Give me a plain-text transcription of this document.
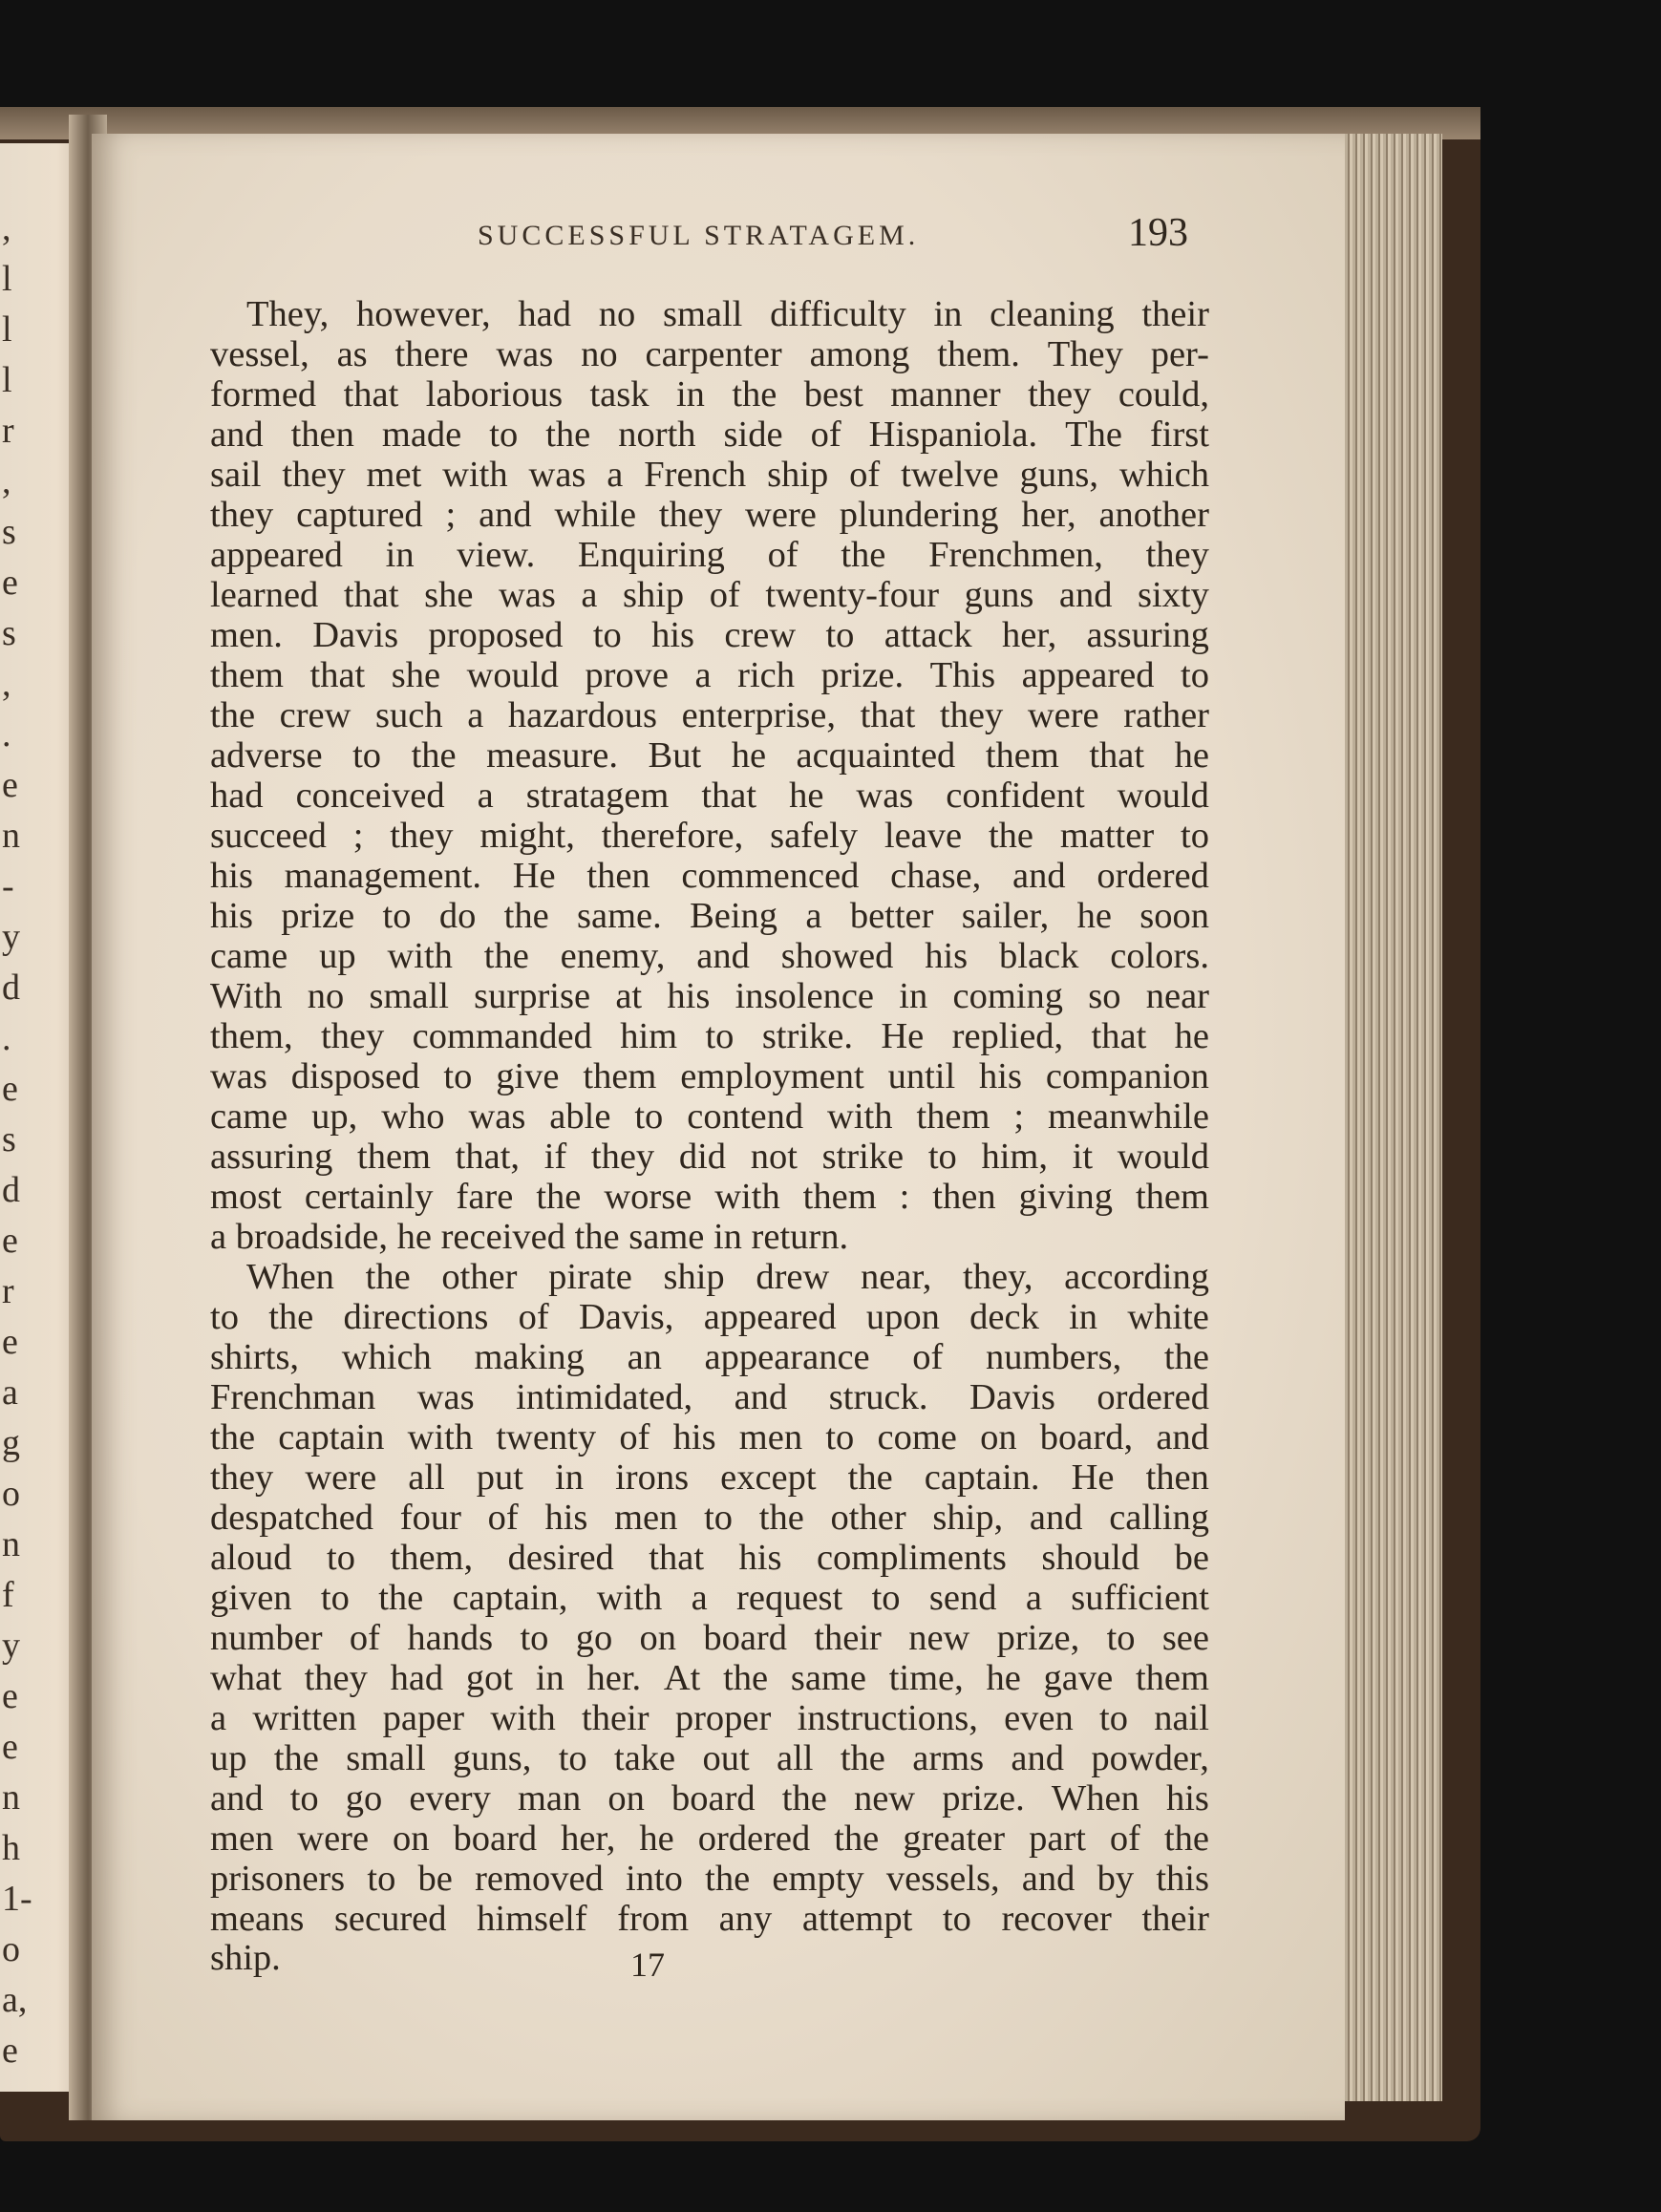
,
l
l
l
r
,
s
e
s
,
.
e
n
-
y
d
.
e
s
d
e
r
e
a
g
o
n
f
y
e
e
n
h
1-
o
a,
e
SUCCESSFUL STRATAGEM.	193
They, however, had no small difficulty in cleaning their
vessel, as there was no carpenter among them. They per-
formed that laborious task in the best manner they could,
and then made to the north side of Hispaniola. The first
sail they met with was a French ship of twelve guns, which
they captured ; and while they were plundering her, another
appeared in view. Enquiring of the Frenchmen, they
learned that she was a ship of twenty-four guns and sixty
men. Davis proposed to his crew to attack her, assuring
them that she would prove a rich prize. This appeared to
the crew such a hazardous enterprise, that they were rather
adverse to the measure. But he acquainted them that he
had conceived a stratagem that he was confident would
succeed ; they might, therefore, safely leave the matter to
his management. He then commenced chase, and ordered
his prize to do the same. Being a better sailer, he soon
came up with the enemy, and showed his black colors.
With no small surprise at his insolence in coming so near
them, they commanded him to strike. He replied, that he
was disposed to give them employment until his companion
came up, who was able to contend with them ; meanwhile
assuring them that, if they did not strike to him, it would
most certainly fare the worse with them : then giving them
a broadside, he received the same in return.
When the other pirate ship drew near, they, according
to the directions of Davis, appeared upon deck in white
shirts, which making an appearance of numbers, the
Frenchman was intimidated, and struck. Davis ordered
the captain with twenty of his men to come on board, and
they were all put in irons except the captain. He then
despatched four of his men to the other ship, and calling
aloud to them, desired that his compliments should be
given to the captain, with a request to send a sufficient
number of hands to go on board their new prize, to see
what they had got in her. At the same time, he gave them
a written paper with their proper instructions, even to nail
up the small guns, to take out all the arms and powder,
and to go every man on board the new prize. When his
men were on board her, he ordered the greater part of the
prisoners to be removed into the empty vessels, and by this
means secured himself from any attempt to recover their
ship.	17
